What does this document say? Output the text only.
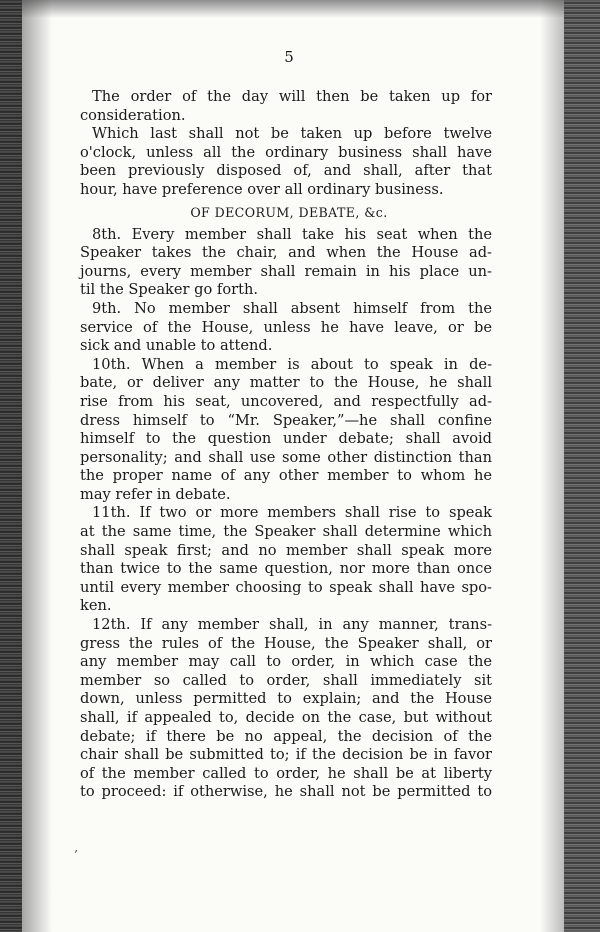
5
The order of the day will then be taken up for
consideration.
Which last shall not be taken up before twelve
o'clock, unless all the ordinary business shall have
been previously disposed of, and shall, after that
hour, have preference over all ordinary business.
OF DECORUM, DEBATE, &c.
8th. Every member shall take his seat when the
Speaker takes the chair, and when the House ad-
journs, every member shall remain in his place un-
til the Speaker go forth.
9th. No member shall absent himself from the
service of the House, unless he have leave, or be
sick and unable to attend.
10th. When a member is about to speak in de-
bate, or deliver any matter to the House, he shall
rise from his seat, uncovered, and respectfully ad-
dress himself to “Mr. Speaker,”—he shall confine
himself to the question under debate; shall avoid
personality; and shall use some other distinction than
the proper name of any other member to whom he
may refer in debate.
11th. If two or more members shall rise to speak
at the same time, the Speaker shall determine which
shall speak first; and no member shall speak more
than twice to the same question, nor more than once
until every member choosing to speak shall have spo-
ken.
12th. If any member shall, in any manner, trans-
gress the rules of the House, the Speaker shall, or
any member may call to order, in which case the
member so called to order, shall immediately sit
down, unless permitted to explain; and the House
shall, if appealed to, decide on the case, but without
debate; if there be no appeal, the decision of the
chair shall be submitted to; if the decision be in favor
of the member called to order, he shall be at liberty
to proceed: if otherwise, he shall not be permitted to
’
